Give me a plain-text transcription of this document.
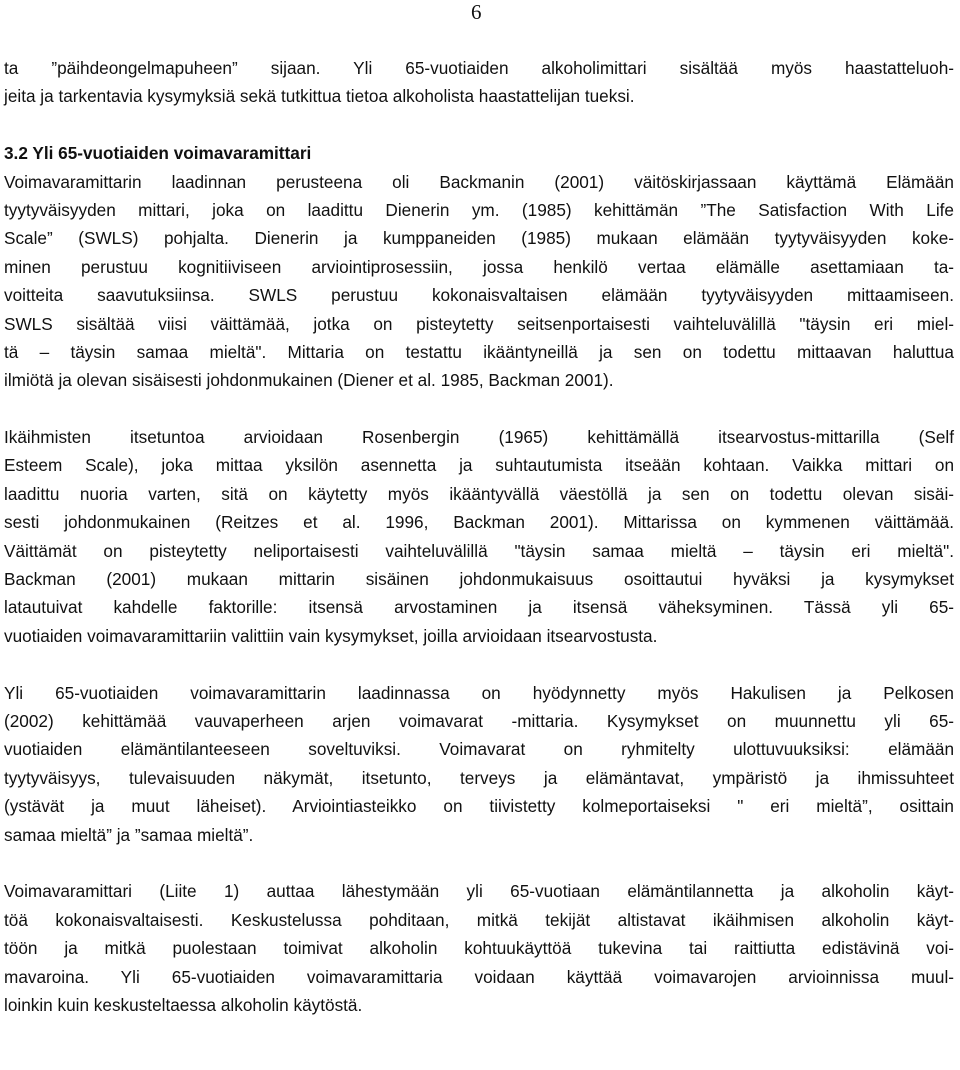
6
ta ”päihdeongelmapuheen” sijaan. Yli 65-vuotiaiden alkoholimittari sisältää myös haastatteluoh-
jeita ja tarkentavia kysymyksiä sekä tutkittua tietoa alkoholista haastattelijan tueksi.
3.2 Yli 65-vuotiaiden voimavaramittari
Voimavaramittarin laadinnan perusteena oli Backmanin (2001) väitöskirjassaan käyttämä Elämään
tyytyväisyyden mittari, joka on laadittu Dienerin ym. (1985) kehittämän ”The Satisfaction With Life
Scale” (SWLS) pohjalta. Dienerin ja kumppaneiden (1985) mukaan elämään tyytyväisyyden koke-
minen perustuu kognitiiviseen arviointiprosessiin, jossa henkilö vertaa elämälle asettamiaan ta-
voitteita saavutuksiinsa. SWLS perustuu kokonaisvaltaisen elämään tyytyväisyyden mittaamiseen.
SWLS sisältää viisi väittämää, jotka on pisteytetty seitsenportaisesti vaihteluvälillä "täysin eri miel-
tä – täysin samaa mieltä". Mittaria on testattu ikääntyneillä ja sen on todettu mittaavan haluttua
ilmiötä ja olevan sisäisesti johdonmukainen (Diener et al. 1985, Backman 2001).
Ikäihmisten itsetuntoa arvioidaan Rosenbergin (1965) kehittämällä itsearvostus-mittarilla (Self
Esteem Scale), joka mittaa yksilön asennetta ja suhtautumista itseään kohtaan. Vaikka mittari on
laadittu nuoria varten, sitä on käytetty myös ikääntyvällä väestöllä ja sen on todettu olevan sisäi-
sesti johdonmukainen (Reitzes et al. 1996, Backman 2001). Mittarissa on kymmenen väittämää.
Väittämät on pisteytetty neliportaisesti vaihteluvälillä "täysin samaa mieltä – täysin eri mieltä".
Backman (2001) mukaan mittarin sisäinen johdonmukaisuus osoittautui hyväksi ja kysymykset
latautuivat kahdelle faktorille: itsensä arvostaminen ja itsensä väheksyminen. Tässä yli 65-
vuotiaiden voimavaramittariin valittiin vain kysymykset, joilla arvioidaan itsearvostusta.
Yli 65-vuotiaiden voimavaramittarin laadinnassa on hyödynnetty myös Hakulisen ja Pelkosen
(2002) kehittämää vauvaperheen arjen voimavarat -mittaria. Kysymykset on muunnettu yli 65-
vuotiaiden elämäntilanteeseen soveltuviksi. Voimavarat on ryhmitelty ulottuvuuksiksi: elämään
tyytyväisyys, tulevaisuuden näkymät, itsetunto, terveys ja elämäntavat, ympäristö ja ihmissuhteet
(ystävät ja muut läheiset). Arviointiasteikko on tiivistetty kolmeportaiseksi " eri mieltä”, osittain
samaa mieltä” ja ”samaa mieltä”.
Voimavaramittari (Liite 1) auttaa lähestymään yli 65-vuotiaan elämäntilannetta ja alkoholin käyt-
töä kokonaisvaltaisesti. Keskustelussa pohditaan, mitkä tekijät altistavat ikäihmisen alkoholin käyt-
töön ja mitkä puolestaan toimivat alkoholin kohtuukäyttöä tukevina tai raittiutta edistävinä voi-
mavaroina. Yli 65-vuotiaiden voimavaramittaria voidaan käyttää voimavarojen arvioinnissa muul-
loinkin kuin keskusteltaessa alkoholin käytöstä.
